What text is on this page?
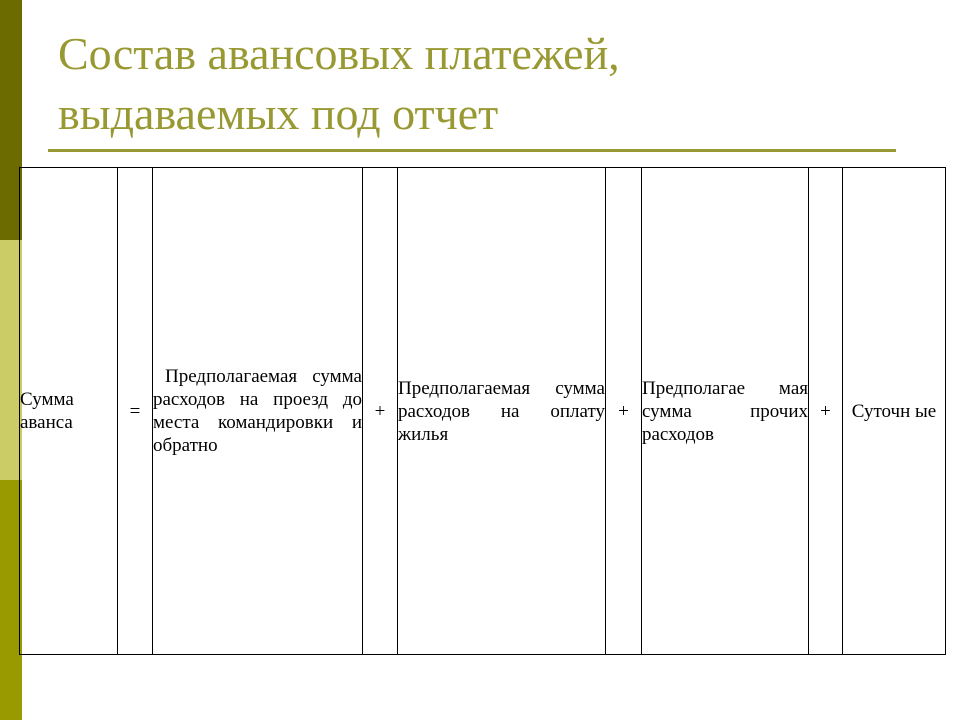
Состав авансовых платежей,
выдаваемых под отчет
Сумма аванса	=	Предполагаемая сумма расходов на проезд до места командировки и обратно	+	Предполагаемая сумма расходов на оплату жилья	+	Предполагае мая сумма прочих расходов	+	Суточн ые
